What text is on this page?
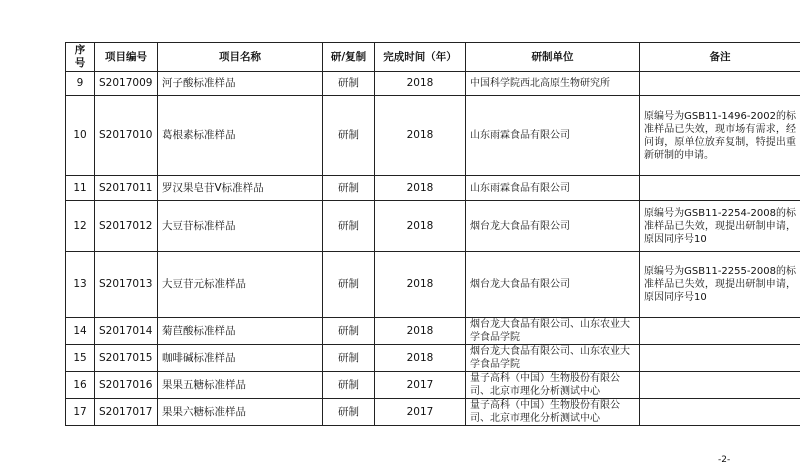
序号	项目编号	项目名称	研/复制	完成时间（年）	研制单位	备注
9	S2017009	河子酸标准样品	研制	2018	中国科学院西北高原生物研究所	
10	S2017010	葛根素标准样品	研制	2018	山东雨霖食品有限公司	原编号为GSB11-1496-2002的标准样品已失效，现市场有需求，经问询，原单位放弃复制，特提出重新研制的申请。
11	S2017011	罗汉果皂苷Ⅴ标准样品	研制	2018	山东雨霖食品有限公司	
12	S2017012	大豆苷标准样品	研制	2018	烟台龙大食品有限公司	原编号为GSB11-2254-2008的标准样品已失效，现提出研制申请，原因同序号10
13	S2017013	大豆苷元标准样品	研制	2018	烟台龙大食品有限公司	原编号为GSB11-2255-2008的标准样品已失效，现提出研制申请，原因同序号10
14	S2017014	菊苣酸标准样品	研制	2018	烟台龙大食品有限公司、山东农业大学食品学院	
15	S2017015	咖啡碱标准样品	研制	2018	烟台龙大食品有限公司、山东农业大学食品学院	
16	S2017016	果果五糖标准样品	研制	2017	量子高科（中国）生物股份有限公司、北京市理化分析测试中心	
17	S2017017	果果六糖标准样品	研制	2017	量子高科（中国）生物股份有限公司、北京市理化分析测试中心	
-2-
